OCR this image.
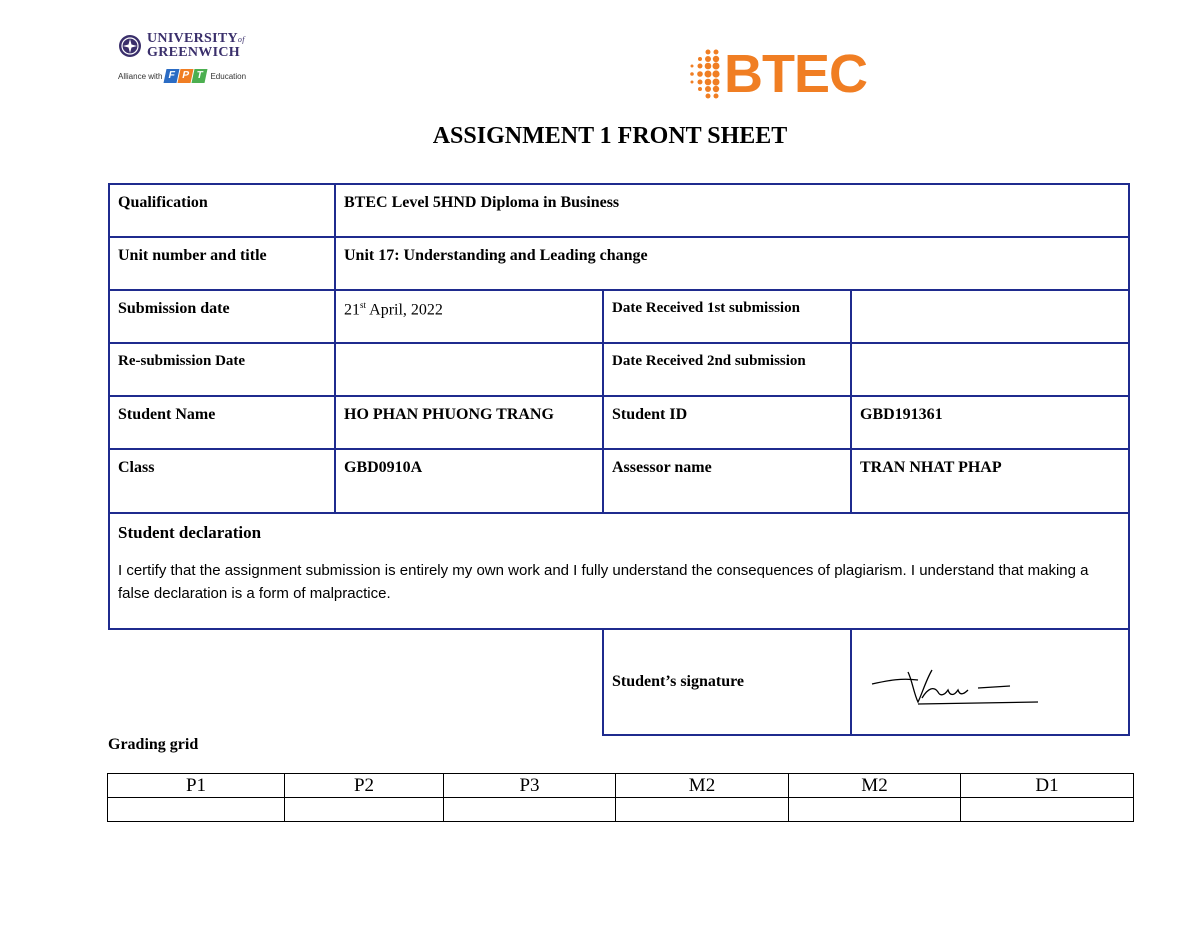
UNIVERSITYof
GREENWICH
Alliance with F P T Education	BTEC
ASSIGNMENT 1 FRONT SHEET
Qualification	BTEC Level 5HND Diploma in Business		
Unit number and title	Unit 17: Understanding and Leading change		
Submission date	21st April, 2022	Date Received 1st submission	
Re-submission Date		Date Received 2nd submission	
Student Name	HO PHAN PHUONG TRANG	Student ID	GBD191361
Class	GBD0910A	Assessor name	TRAN NHAT PHAP

Student declaration
I certify that the assignment submission is entirely my own work and I fully understand the consequences of plagiarism. I understand that making a false declaration is a form of malpractice.			

		Student’s signature	
Grading grid
P1	P2	P3	M2	M2	D1
